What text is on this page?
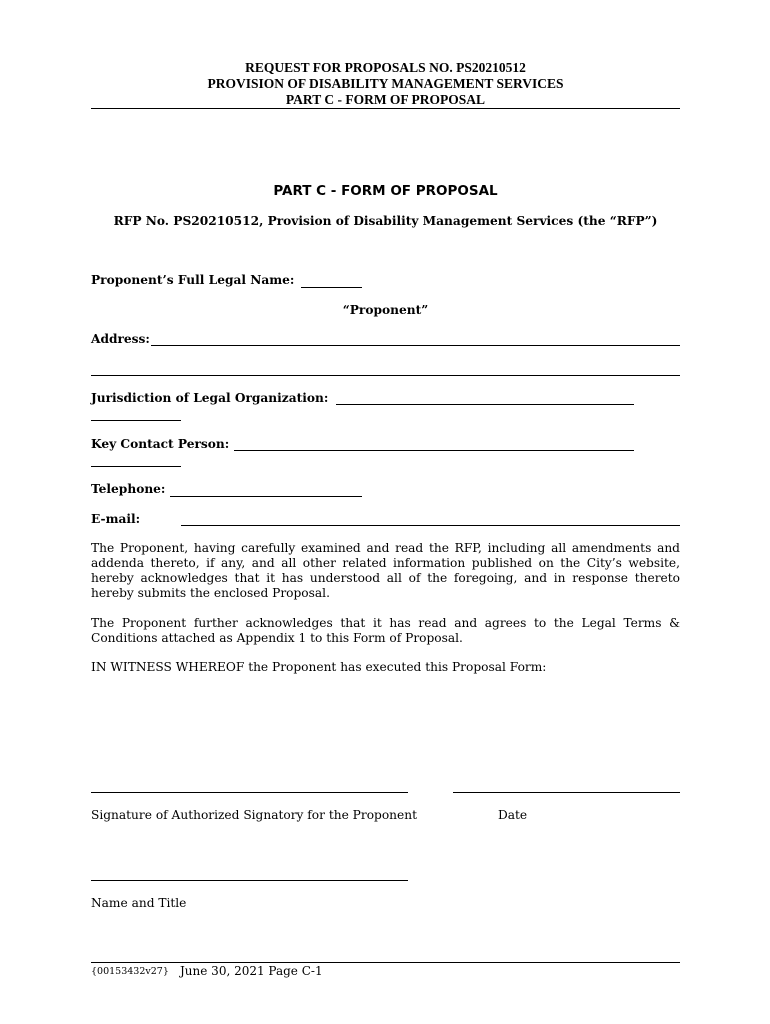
REQUEST FOR PROPOSALS NO. PS20210512
PROVISION OF DISABILITY MANAGEMENT SERVICES
PART C - FORM OF PROPOSAL
PART C - FORM OF PROPOSAL
RFP No. PS20210512, Provision of Disability Management Services (the “RFP”)
Proponent’s Full Legal Name:
“Proponent”
Address:
Jurisdiction of Legal Organization:
Key Contact Person:
Telephone:
E-mail:
The Proponent, having carefully examined and read the RFP, including all amendments and addenda thereto, if any, and all other related information published on the City’s website, hereby acknowledges that it has understood all of the foregoing, and in response thereto hereby submits the enclosed Proposal.
The Proponent further acknowledges that it has read and agrees to the Legal Terms & Conditions attached as Appendix 1 to this Form of Proposal.
IN WITNESS WHEREOF the Proponent has executed this Proposal Form:
Signature of Authorized Signatory for the Proponent	Date
Name and Title
{00153432v27} June 30, 2021 Page C-1
